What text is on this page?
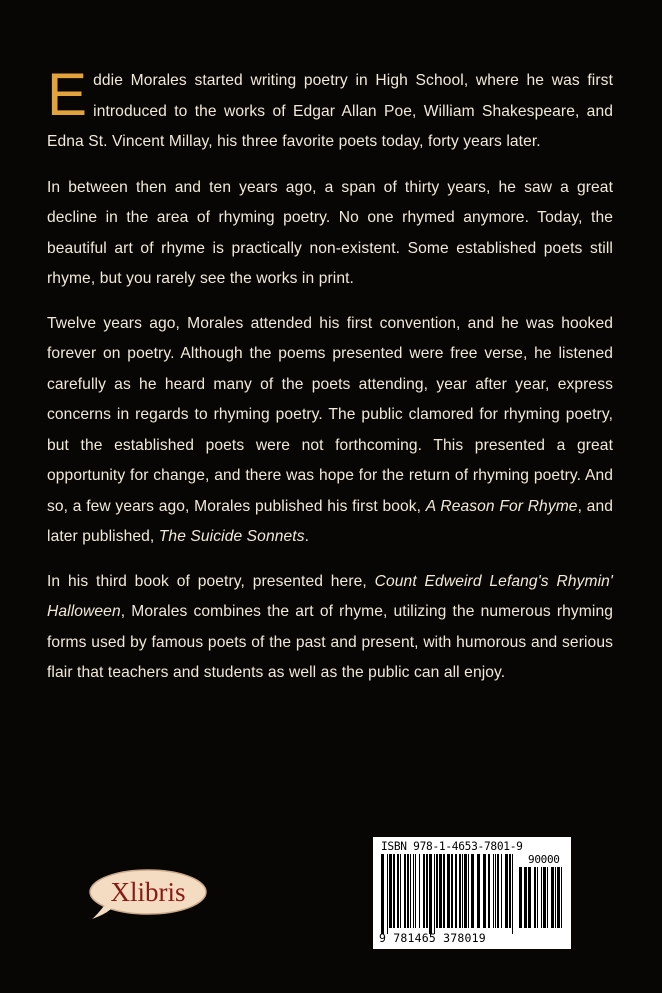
Eddie Morales started writing poetry in High School, where he was first introduced to the works of Edgar Allan Poe, William Shakespeare, and Edna St. Vincent Millay, his three favorite poets today, forty years later.

In between then and ten years ago, a span of thirty years, he saw a great decline in the area of rhyming poetry. No one rhymed anymore. Today, the beautiful art of rhyme is practically non-existent. Some established poets still rhyme, but you rarely see the works in print.

Twelve years ago, Morales attended his first convention, and he was hooked forever on poetry. Although the poems presented were free verse, he listened carefully as he heard many of the poets attending, year after year, express concerns in regards to rhyming poetry. The public clamored for rhyming poetry, but the established poets were not forthcoming. This presented a great opportunity for change, and there was hope for the return of rhyming poetry. And so, a few years ago, Morales published his first book, A Reason For Rhyme, and later published, The Suicide Sonnets.

In his third book of poetry, presented here, Count Edweird Lefang's Rhymin' Halloween, Morales combines the art of rhyme, utilizing the numerous rhyming forms used by famous poets of the past and present, with humorous and serious flair that teachers and students as well as the public can all enjoy.

Xlibris
ISBN 978-1-4653-7801-9
90000
9 781465 378019
